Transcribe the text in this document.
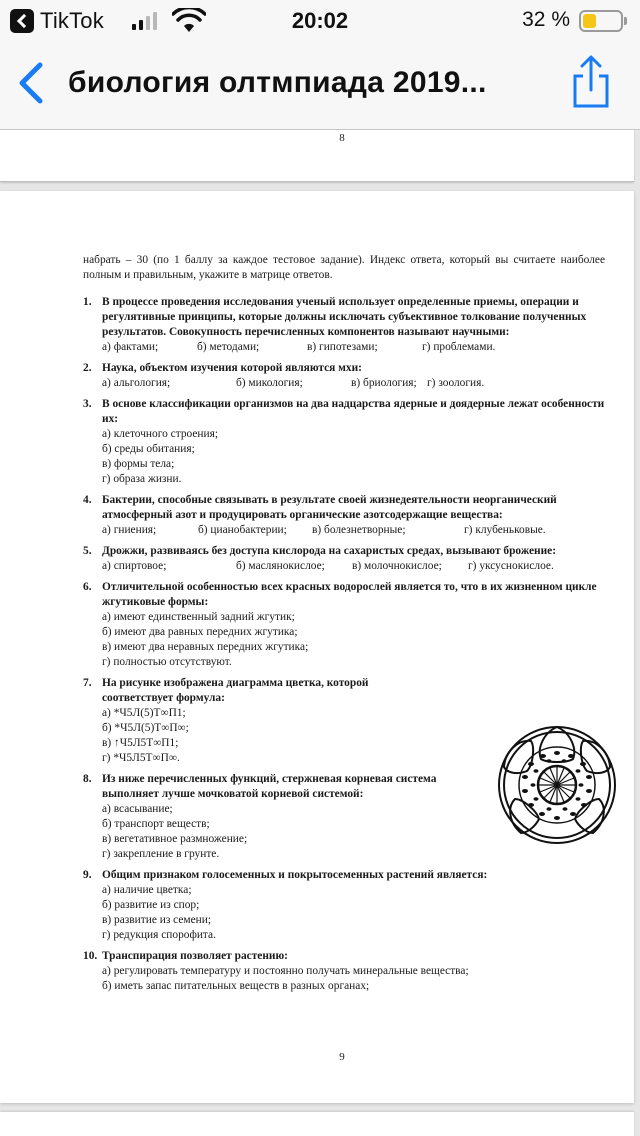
TikTok	20:02	32 %
биология олтмпиада 2019...
8

набрать – 30 (по 1 баллу за каждое тестовое задание). Индекс ответа, который вы считаете наиболее полным и правильным, укажите в матрице ответов.

1. В процессе проведения исследования ученый использует определенные приемы, операции и регулятивные принципы, которые должны исключать субъективное толкование полученных результатов. Совокупность перечисленных компонентов называют научными:
а) фактами;	б) методами;	в) гипотезами;	г) проблемами.
2. Наука, объектом изучения которой являются мхи:
а) альгология;	б) микология;	в) бриология; г) зоология.
3. В основе классификации организмов на два надцарства ядерные и доядерные лежат особенности их:
а) клеточного строения;
б) среды обитания;
в) формы тела;
г) образа жизни.
4. Бактерии, способные связывать в результате своей жизнедеятельности неорганический атмосферный азот и продуцировать органические азотсодержащие вещества:
а) гниения;	б) цианобактерии;	в) болезнетворные;	г) клубеньковые.
5. Дрожжи, развиваясь без доступа кислорода на сахаристых средах, вызывают брожение:
а) спиртовое;	б) маслянокислое;	в) молочнокислое;	г) уксуснокислое.
6. Отличительной особенностью всех красных водорослей является то, что в их жизненном цикле жгутиковые формы:
а) имеют единственный задний жгутик;
б) имеют два равных передних жгутика;
в) имеют два неравных передних жгутика;
г) полностью отсутствуют.
7. На рисунке изображена диаграмма цветка, которой соответствует формула:
а) *Ч5Л(5)Т∞П1;
б) *Ч5Л(5)Т∞П∞;
в) ↑Ч5Л5Т∞П1;
г) *Ч5Л5Т∞П∞.
8. Из ниже перечисленных функций, стержневая корневая система выполняет лучше мочковатой корневой системой:
а) всасывание;
б) транспорт веществ;
в) вегетативное размножение;
г) закрепление в грунте.
9. Общим признаком голосеменных и покрытосеменных растений является:
а) наличие цветка;
б) развитие из спор;
в) развитие из семени;
г) редукция спорофита.
10. Транспирация позволяет растению:
а) регулировать температуру и постоянно получать минеральные вещества;
б) иметь запас питательных веществ в разных органах;
9
